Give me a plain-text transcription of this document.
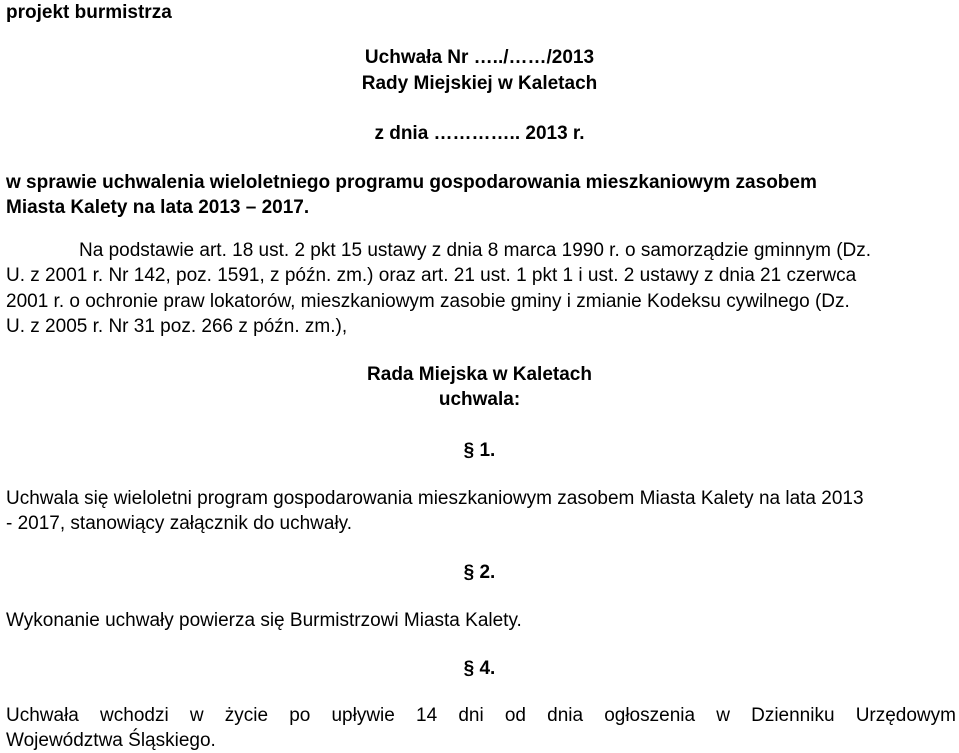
projekt burmistrza
Uchwała Nr …../……/2013
Rady Miejskiej w Kaletach
z dnia ………….. 2013 r.
w sprawie uchwalenia wieloletniego programu gospodarowania mieszkaniowym zasobem
Miasta Kalety na lata 2013 – 2017.
Na podstawie art. 18 ust. 2 pkt 15 ustawy z dnia 8 marca 1990 r. o samorządzie gminnym (Dz.
U. z 2001 r. Nr 142, poz. 1591, z późn. zm.) oraz art. 21 ust. 1 pkt 1 i ust. 2 ustawy z dnia 21 czerwca
2001 r. o ochronie praw lokatorów, mieszkaniowym zasobie gminy i zmianie Kodeksu cywilnego (Dz.
U. z 2005 r. Nr 31 poz. 266 z późn. zm.),
Rada Miejska w Kaletach
uchwala:
§ 1.
Uchwala się wieloletni program gospodarowania mieszkaniowym zasobem Miasta Kalety na lata 2013
- 2017, stanowiący załącznik do uchwały.
§ 2.
Wykonanie uchwały powierza się Burmistrzowi Miasta Kalety.
§ 4.
Uchwała wchodzi w życie po upływie 14 dni od dnia ogłoszenia w Dzienniku Urzędowym
Województwa Śląskiego.
